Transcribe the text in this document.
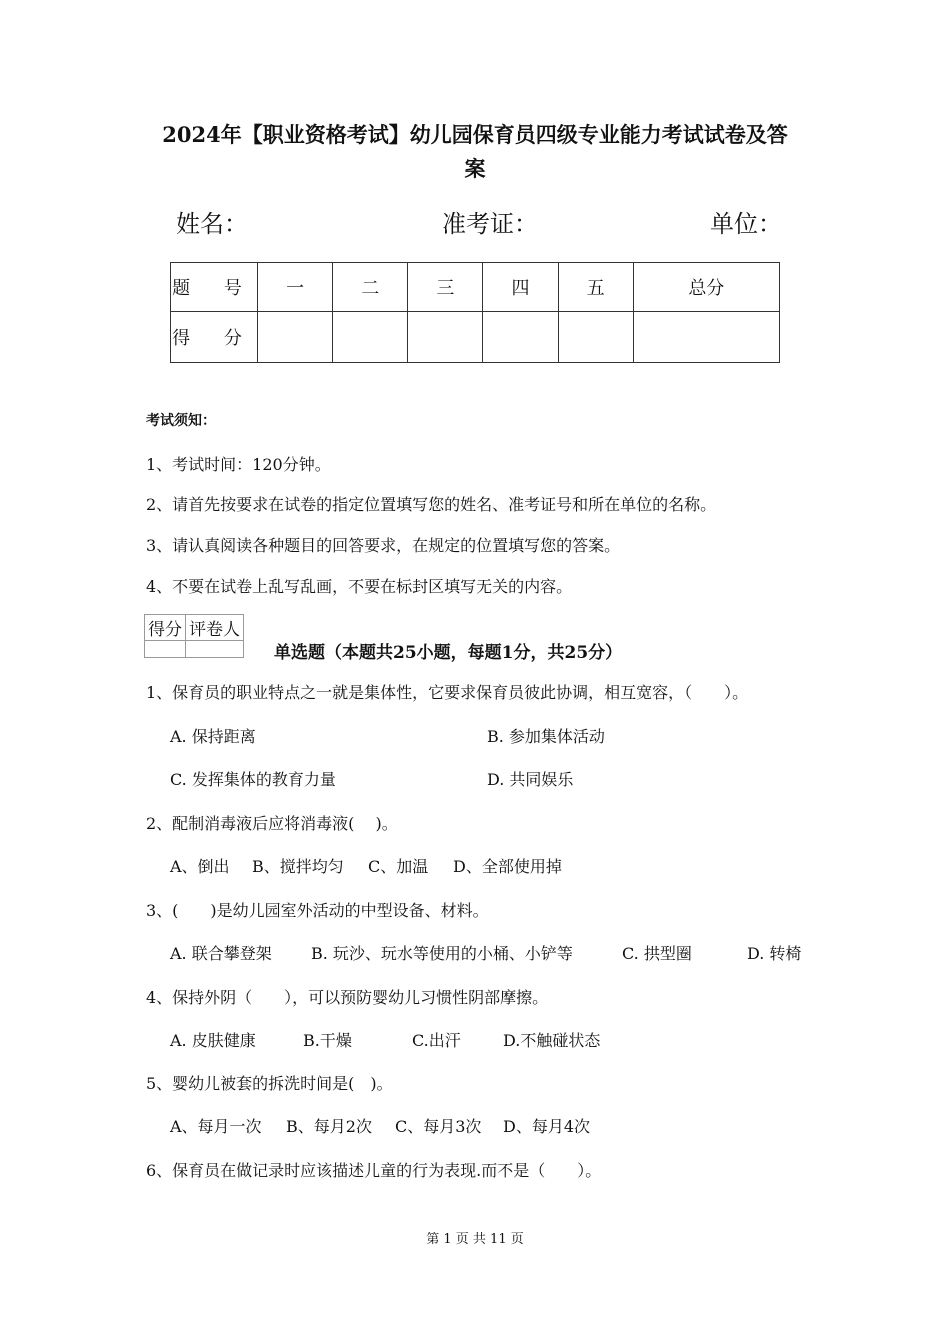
2024年【职业资格考试】幼儿园保育员四级专业能力考试试卷及答
案
姓名：	准考证：	单位：
题 号	一	二	三	四	五	总分
得 分						
考试须知：
1、考试时间：120分钟。
2、请首先按要求在试卷的指定位置填写您的姓名、准考证号和所在单位的名称。
3、请认真阅读各种题目的回答要求，在规定的位置填写您的答案。
4、不要在试卷上乱写乱画，不要在标封区填写无关的内容。
得分	评卷人

单选题（本题共25小题，每题1分，共25分）
1、保育员的职业特点之一就是集体性，它要求保育员彼此协调，相互宽容，（　　）。
A. 保持距离	B. 参加集体活动
C. 发挥集体的教育力量	D. 共同娱乐
2、配制消毒液后应将消毒液(　 )。
A、倒出 B、搅拌均匀 C、加温 D、全部使用掉
3、(　　)是幼儿园室外活动的中型设备、材料。
A. 联合攀登架 B. 玩沙、玩水等使用的小桶、小铲等	C. 拱型圈	D. 转椅
4、保持外阴（　　），可以预防婴幼儿习惯性阴部摩擦。
A. 皮肤健康	B.干燥	C.出汗	D.不触碰状态
5、婴幼儿被套的拆洗时间是(　)。
A、每月一次 B、每月2次 C、每月3次 D、每月4次
6、保育员在做记录时应该描述儿童的行为表现.而不是（　　）。
第 1 页 共 11 页
